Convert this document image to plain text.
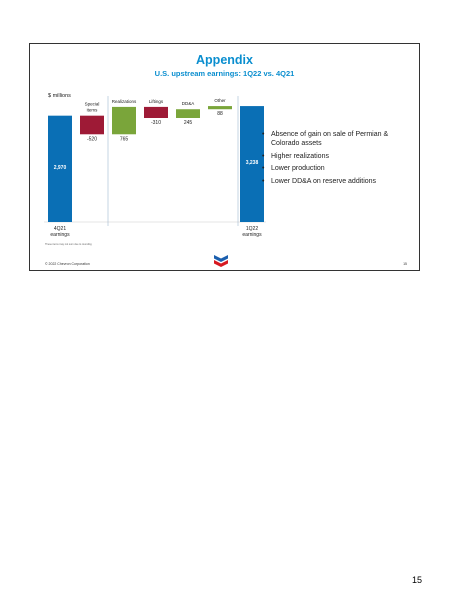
Appendix
U.S. upstream earnings: 1Q22 vs. 4Q21
$ millions
2,970
4Q21
earnings
-520
Special
items
765
Realizations
-310
Liftings
245
DD&A
88
Other
3,238
1Q22
earnings
• Absence of gain on sale of Permian & Colorado assets
• Higher realizations
• Lower production
• Lower DD&A on reserve additions
These items may not sum due to rounding
© 2022 Chevron Corporation	15
15
